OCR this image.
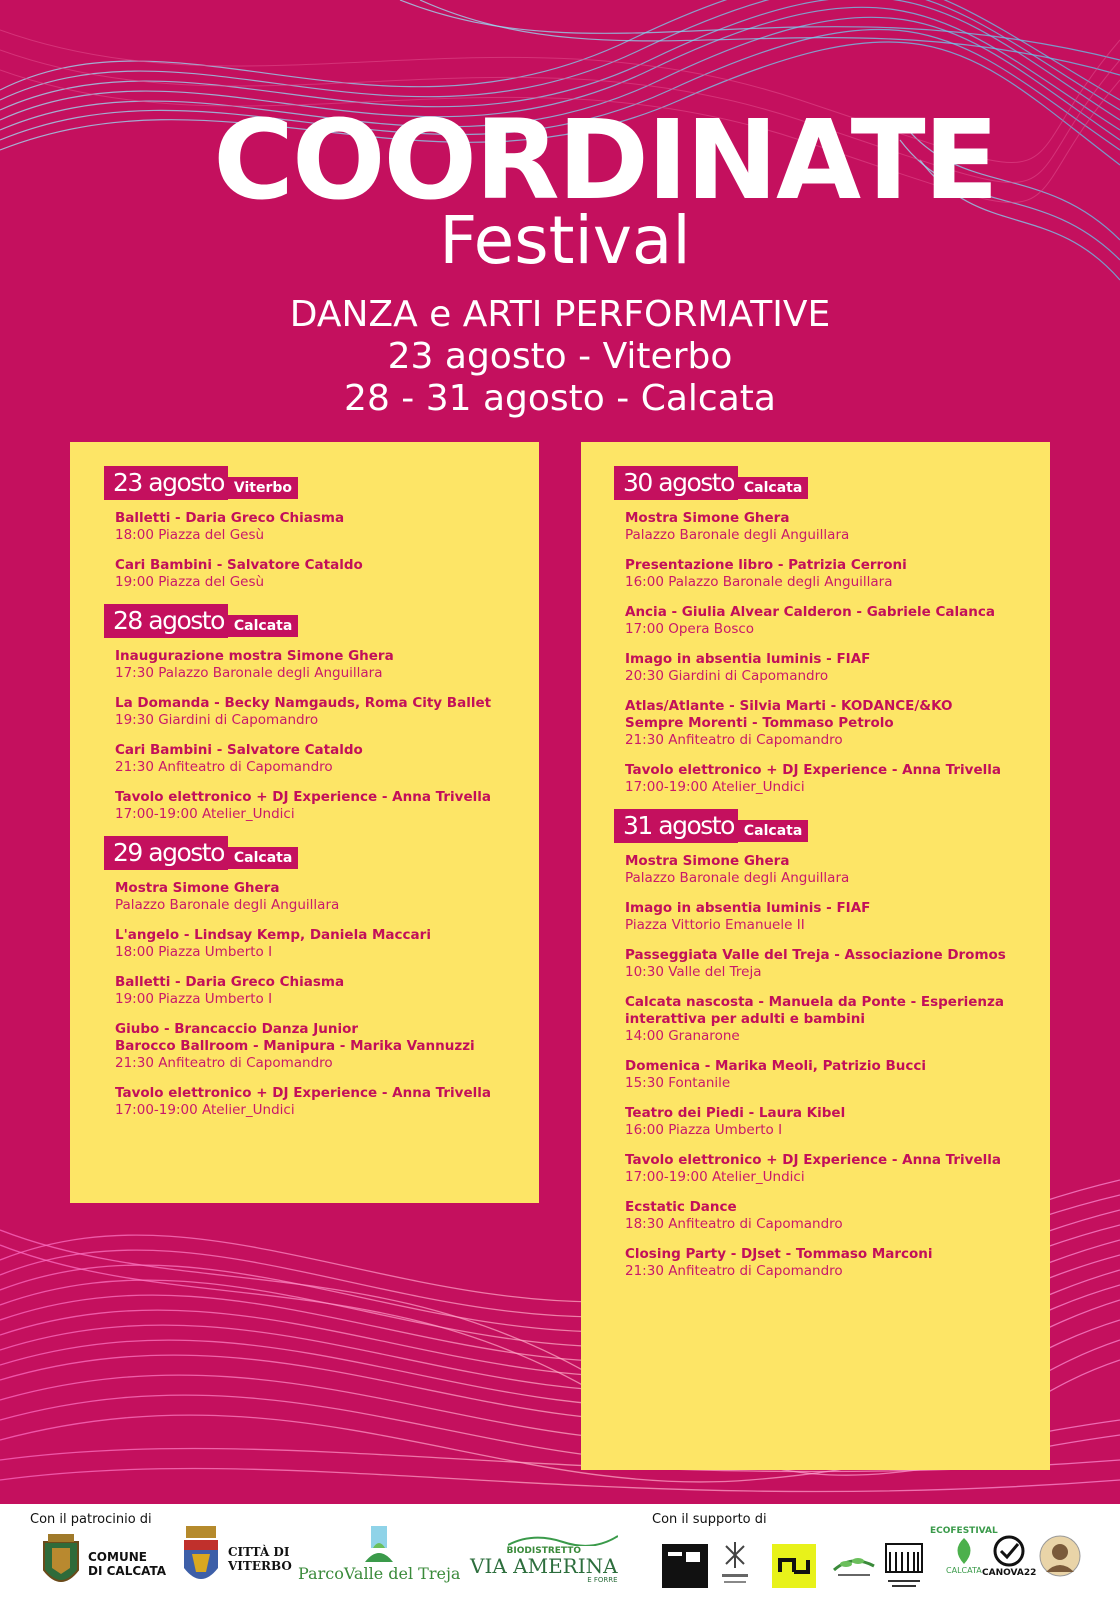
COORDINATE
Festival
DANZA e ARTI PERFORMATIVE
23 agosto - Viterbo
28 - 31 agosto - Calcata
23 agosto Viterbo
Balletti - Daria Greco Chiasma
18:00 Piazza del Gesù
Cari Bambini - Salvatore Cataldo
19:00 Piazza del Gesù
28 agosto Calcata
Inaugurazione mostra Simone Ghera
17:30 Palazzo Baronale degli Anguillara
La Domanda - Becky Namgauds, Roma City Ballet
19:30 Giardini di Capomandro
Cari Bambini - Salvatore Cataldo
21:30 Anfiteatro di Capomandro
Tavolo elettronico + DJ Experience - Anna Trivella
17:00-19:00 Atelier_Undici
29 agosto Calcata
Mostra Simone Ghera
Palazzo Baronale degli Anguillara
L'angelo - Lindsay Kemp, Daniela Maccari
18:00 Piazza Umberto I
Balletti - Daria Greco Chiasma
19:00 Piazza Umberto I
Giubo - Brancaccio Danza Junior
Barocco Ballroom - Manipura - Marika Vannuzzi
21:30 Anfiteatro di Capomandro
Tavolo elettronico + DJ Experience - Anna Trivella
17:00-19:00 Atelier_Undici
30 agosto Calcata
Mostra Simone Ghera
Palazzo Baronale degli Anguillara
Presentazione libro - Patrizia Cerroni
16:00 Palazzo Baronale degli Anguillara
Ancia - Giulia Alvear Calderon - Gabriele Calanca
17:00 Opera Bosco
Imago in absentia luminis - FIAF
20:30 Giardini di Capomandro
Atlas/Atlante - Silvia Marti - KODANCE/&KO
Sempre Morenti - Tommaso Petrolo
21:30 Anfiteatro di Capomandro
Tavolo elettronico + DJ Experience - Anna Trivella
17:00-19:00 Atelier_Undici
31 agosto Calcata
Mostra Simone Ghera
Palazzo Baronale degli Anguillara
Imago in absentia luminis - FIAF
Piazza Vittorio Emanuele II
Passeggiata Valle del Treja - Associazione Dromos
10:30 Valle del Treja
Calcata nascosta - Manuela da Ponte - Esperienza
interattiva per adulti e bambini
14:00 Granarone
Domenica - Marika Meoli, Patrizio Bucci
15:30 Fontanile
Teatro dei Piedi - Laura Kibel
16:00 Piazza Umberto I
Tavolo elettronico + DJ Experience - Anna Trivella
17:00-19:00 Atelier_Undici
Ecstatic Dance
18:30 Anfiteatro di Capomandro
Closing Party - DJset - Tommaso Marconi
21:30 Anfiteatro di Capomandro
Con il patrocinio di	Con il supporto di
COMUNE
DI CALCATA
CITTÀ DI
VITERBO ParcoValle del Treja
BIODISTRETTO
VIA AMERINA
E FORRE
ECOFESTIVAL
CALCATA CANOVA22
